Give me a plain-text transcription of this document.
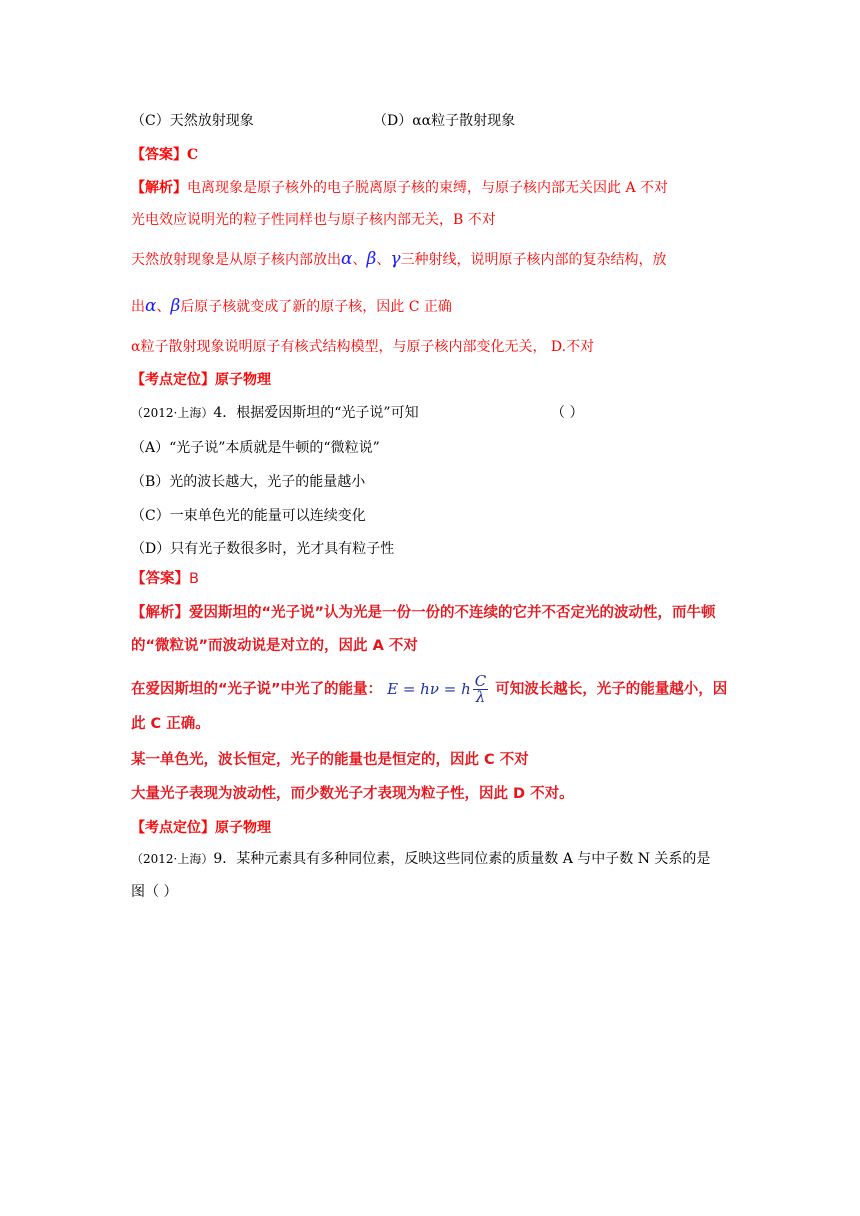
（C）天然放射现象	（D）αα粒子散射现象
【答案】C
【解析】电离现象是原子核外的电子脱离原子核的束缚，与原子核内部无关因此 A 不对
光电效应说明光的粒子性同样也与原子核内部无关，B 不对
天然放射现象是从原子核内部放出α、β、γ三种射线，说明原子核内部的复杂结构，放
出α、β后原子核就变成了新的原子核，因此 C 正确
α粒子散射现象说明原子有核式结构模型，与原子核内部变化无关， D.不对
【考点定位】原子物理
（2012·上海）4．根据爱因斯坦的“光子说”可知	（ ）
（A）“光子说”本质就是牛顿的“微粒说”
（B）光的波长越大，光子的能量越小
（C）一束单色光的能量可以连续变化
（D）只有光子数很多时，光才具有粒子性
【答案】B
【解析】爱因斯坦的“光子说”认为光是一份一份的不连续的它并不否定光的波动性，而牛顿
的“微粒说”而波动说是对立的，因此 A 不对
在爱因斯坦的“光子说”中光了的能量： E = hν = h $\frac{C}{\lambda}$ 可知波长越长，光子的能量越小，因
此 C 正确。
某一单色光，波长恒定，光子的能量也是恒定的，因此 C 不对
大量光子表现为波动性，而少数光子才表现为粒子性，因此 D 不对。
【考点定位】原子物理
（2012·上海）9．某种元素具有多种同位素，反映这些同位素的质量数 A 与中子数 N 关系的是
图（ ）
